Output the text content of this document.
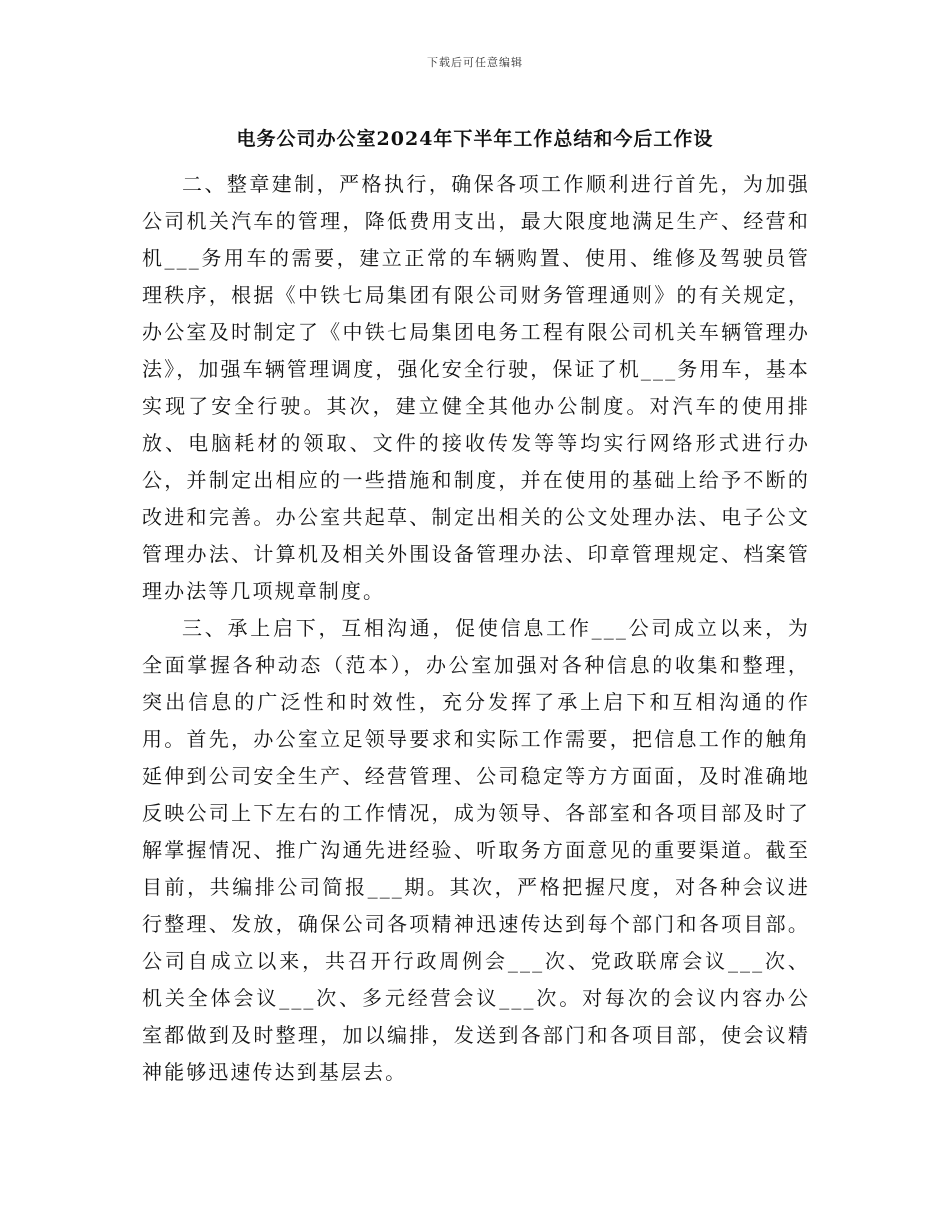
下载后可任意编辑
电务公司办公室2024年下半年工作总结和今后工作设

二、整章建制，严格执行，确保各项工作顺利进行首先，为加强公司机关汽车的管理，降低费用支出，最大限度地满足生产、经营和机___务用车的需要，建立正常的车辆购置、使用、维修及驾驶员管理秩序，根据《中铁七局集团有限公司财务管理通则》的有关规定，办公室及时制定了《中铁七局集团电务工程有限公司机关车辆管理办法》，加强车辆管理调度，强化安全行驶，保证了机___务用车，基本实现了安全行驶。其次，建立健全其他办公制度。对汽车的使用排放、电脑耗材的领取、文件的接收传发等等均实行网络形式进行办公，并制定出相应的一些措施和制度，并在使用的基础上给予不断的改进和完善。办公室共起草、制定出相关的公文处理办法、电子公文管理办法、计算机及相关外围设备管理办法、印章管理规定、档案管理办法等几项规章制度。

三、承上启下，互相沟通，促使信息工作___公司成立以来，为全面掌握各种动态（范本），办公室加强对各种信息的收集和整理，突出信息的广泛性和时效性，充分发挥了承上启下和互相沟通的作用。首先，办公室立足领导要求和实际工作需要，把信息工作的触角延伸到公司安全生产、经营管理、公司稳定等方方面面，及时准确地反映公司上下左右的工作情况，成为领导、各部室和各项目部及时了解掌握情况、推广沟通先进经验、听取务方面意见的重要渠道。截至目前，共编排公司简报___期。其次，严格把握尺度，对各种会议进行整理、发放，确保公司各项精神迅速传达到每个部门和各项目部。公司自成立以来，共召开行政周例会___次、党政联席会议___次、机关全体会议___次、多元经营会议___次。对每次的会议内容办公室都做到及时整理，加以编排，发送到各部门和各项目部，使会议精神能够迅速传达到基层去。
